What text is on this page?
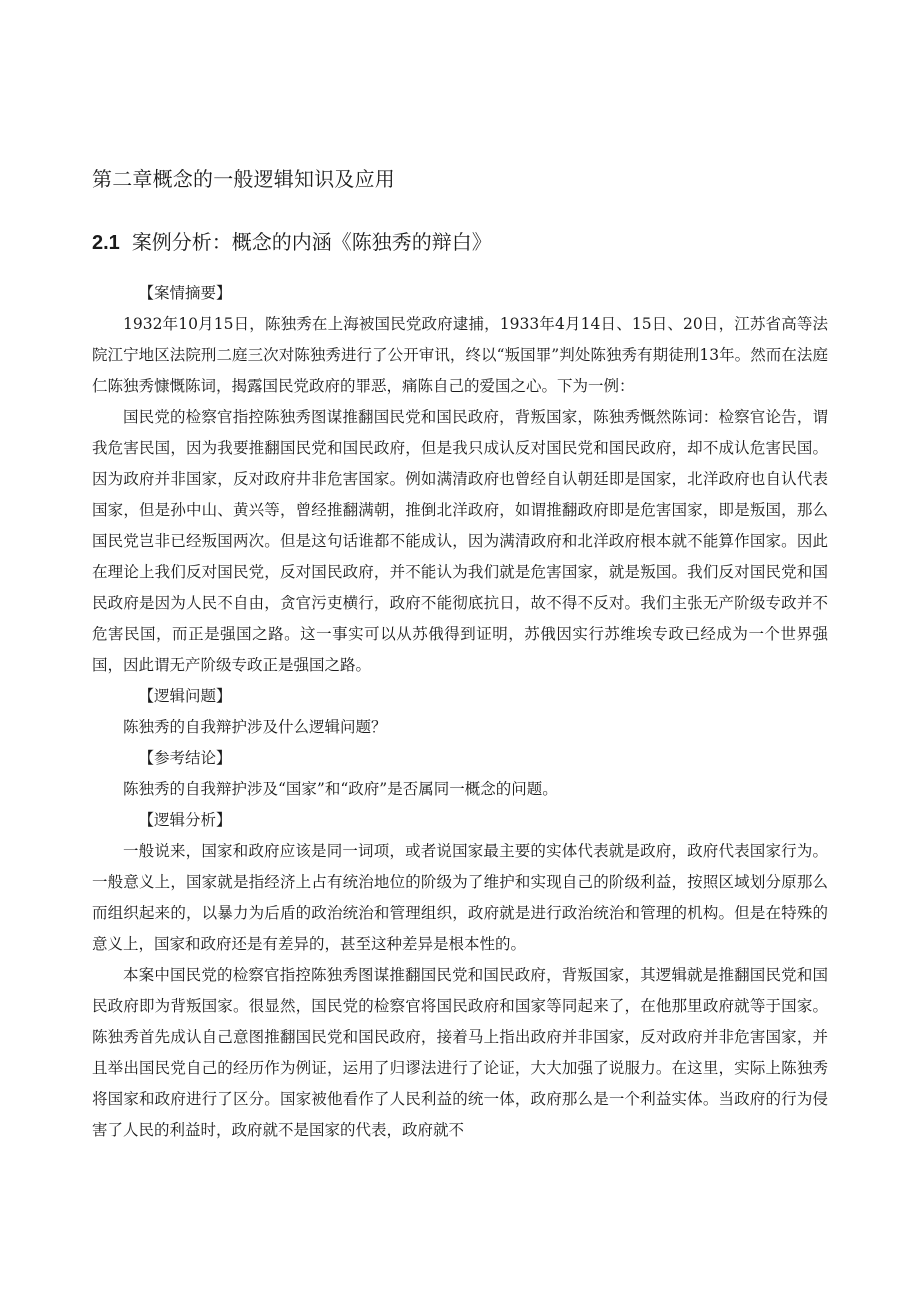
第二章概念的一般逻辑知识及应用
2.1 案例分析：概念的内涵《陈独秀的辩白》

【案情摘要】

1932年10月15日，陈独秀在上海被国民党政府逮捕，1933年4月14日、15日、20日，江苏省高等法院江宁地区法院刑二庭三次对陈独秀进行了公开审讯，终以“叛国罪”判处陈独秀有期徒刑13年。然而在法庭仁陈独秀慷慨陈词，揭露国民党政府的罪恶，痛陈自己的爱国之心。下为一例：

国民党的检察官指控陈独秀图谋推翻国民党和国民政府，背叛国家，陈独秀慨然陈词：检察官论告，谓我危害民国，因为我要推翻国民党和国民政府，但是我只成认反对国民党和国民政府，却不成认危害民国。因为政府并非国家，反对政府井非危害国家。例如满清政府也曾经自认朝廷即是国家，北洋政府也自认代表国家，但是孙中山、黄兴等，曾经推翻满朝，推倒北洋政府，如谓推翻政府即是危害国家，即是叛国，那么国民党岂非已经叛国两次。但是这句话谁都不能成认，因为满清政府和北洋政府根本就不能算作国家。因此在理论上我们反对国民党，反对国民政府，并不能认为我们就是危害国家，就是叛国。我们反对国民党和国民政府是因为人民不自由，贪官污吏横行，政府不能彻底抗日，故不得不反对。我们主张无产阶级专政并不危害民国，而正是强国之路。这一事实可以从苏俄得到证明，苏俄因实行苏维埃专政已经成为一个世界强国，因此谓无产阶级专政正是强国之路。

【逻辑问题】

陈独秀的自我辩护涉及什么逻辑问题？

【参考结论】

陈独秀的自我辩护涉及“国家”和“政府”是否属同一概念的问题。

【逻辑分析】

一般说来，国家和政府应该是同一词项，或者说国家最主要的实体代表就是政府，政府代表国家行为。一般意义上，国家就是指经济上占有统治地位的阶级为了维护和实现自己的阶级利益，按照区域划分原那么而组织起来的，以暴力为后盾的政治统治和管理组织，政府就是进行政治统治和管理的机构。但是在特殊的意义上，国家和政府还是有差异的，甚至这种差异是根本性的。

本案中国民党的检察官指控陈独秀图谋推翻国民党和国民政府，背叛国家，其逻辑就是推翻国民党和国民政府即为背叛国家。很显然，国民党的检察官将国民政府和国家等同起来了，在他那里政府就等于国家。陈独秀首先成认自己意图推翻国民党和国民政府，接着马上指出政府并非国家，反对政府并非危害国家，并且举出国民党自己的经历作为例证，运用了归谬法进行了论证，大大加强了说服力。在这里，实际上陈独秀将国家和政府进行了区分。国家被他看作了人民利益的统一体，政府那么是一个利益实体。当政府的行为侵害了人民的利益时，政府就不是国家的代表，政府就不
